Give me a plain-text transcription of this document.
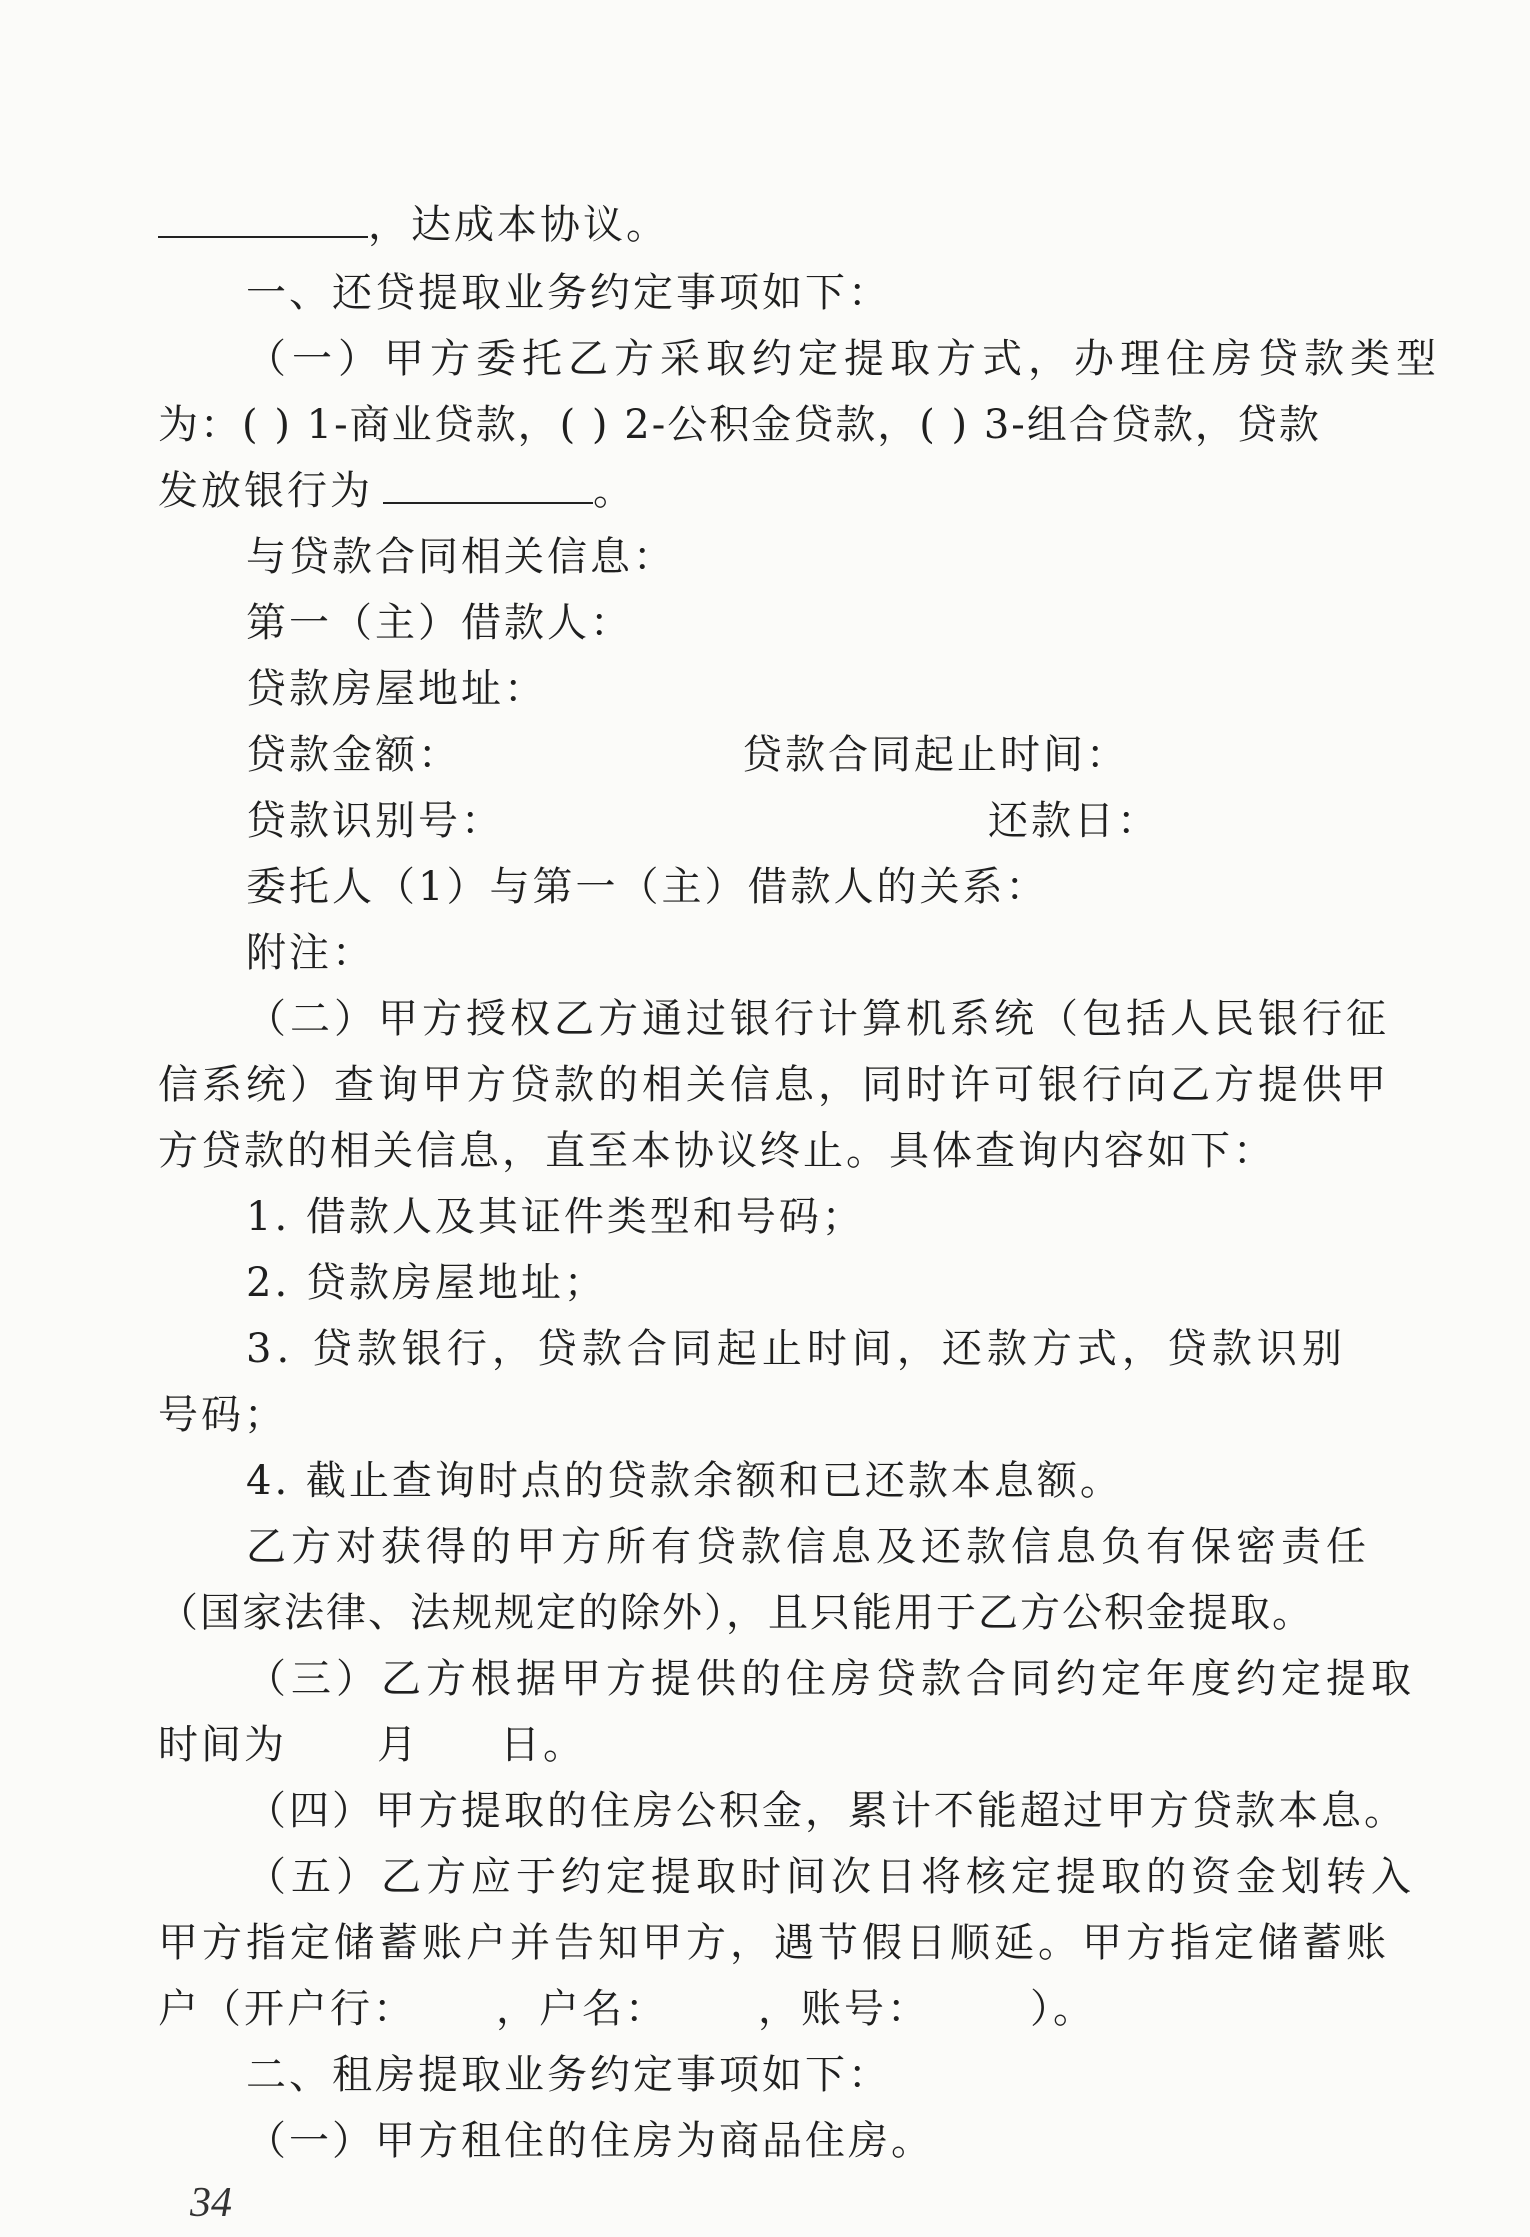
，达成本协议。
一、还贷提取业务约定事项如下：
（一）甲方委托乙方采取约定提取方式，办理住房贷款类型
为：( ) 1-商业贷款，( ) 2-公积金贷款，( ) 3-组合贷款，贷款
发放银行为	。
与贷款合同相关信息：
第一（主）借款人：
贷款房屋地址：
贷款金额：	贷款合同起止时间：
贷款识别号：	还款日：
委托人（1）与第一（主）借款人的关系：
附注：
（二）甲方授权乙方通过银行计算机系统（包括人民银行征
信系统）查询甲方贷款的相关信息，同时许可银行向乙方提供甲
方贷款的相关信息，直至本协议终止。具体查询内容如下：
1. 借款人及其证件类型和号码；
2. 贷款房屋地址；
3. 贷款银行，贷款合同起止时间，还款方式，贷款识别
号码；
4. 截止查询时点的贷款余额和已还款本息额。
乙方对获得的甲方所有贷款信息及还款信息负有保密责任
（国家法律、法规规定的除外），且只能用于乙方公积金提取。
（三）乙方根据甲方提供的住房贷款合同约定年度约定提取
时间为 月 日。
（四）甲方提取的住房公积金，累计不能超过甲方贷款本息。
（五）乙方应于约定提取时间次日将核定提取的资金划转入
甲方指定储蓄账户并告知甲方，遇节假日顺延。甲方指定储蓄账
户（开户行： ，户名： ，账号：	）。
二、租房提取业务约定事项如下：
（一）甲方租住的住房为商品住房。
34
